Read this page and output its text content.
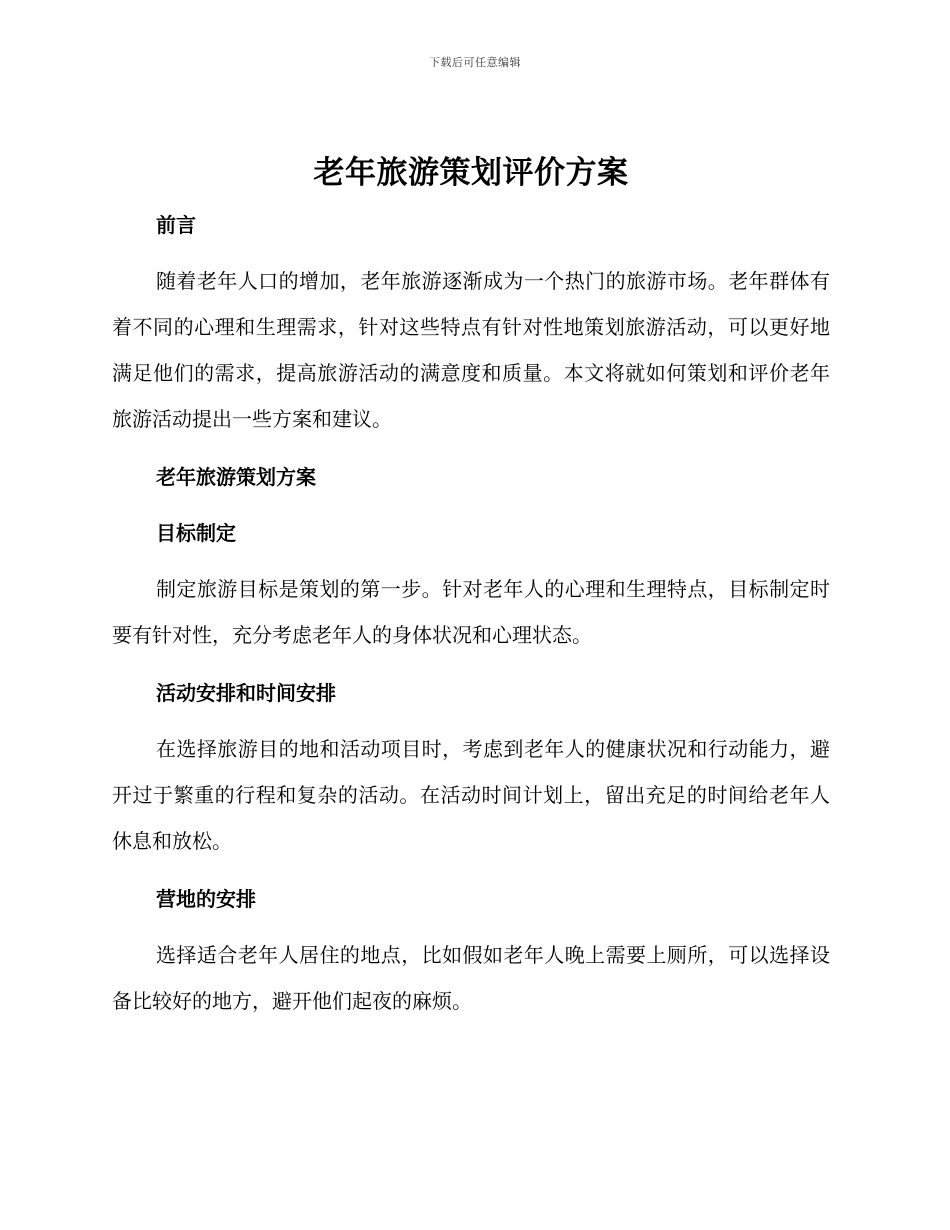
下载后可任意编辑
老年旅游策划评价方案
前言

随着老年人口的增加，老年旅游逐渐成为一个热门的旅游市场。老年群体有着不同的心理和生理需求，针对这些特点有针对性地策划旅游活动，可以更好地满足他们的需求，提高旅游活动的满意度和质量。本文将就如何策划和评价老年旅游活动提出一些方案和建议。

老年旅游策划方案
目标制定

制定旅游目标是策划的第一步。针对老年人的心理和生理特点，目标制定时要有针对性，充分考虑老年人的身体状况和心理状态。

活动安排和时间安排

在选择旅游目的地和活动项目时，考虑到老年人的健康状况和行动能力，避开过于繁重的行程和复杂的活动。在活动时间计划上，留出充足的时间给老年人休息和放松。

营地的安排

选择适合老年人居住的地点，比如假如老年人晚上需要上厕所，可以选择设备比较好的地方，避开他们起夜的麻烦。
